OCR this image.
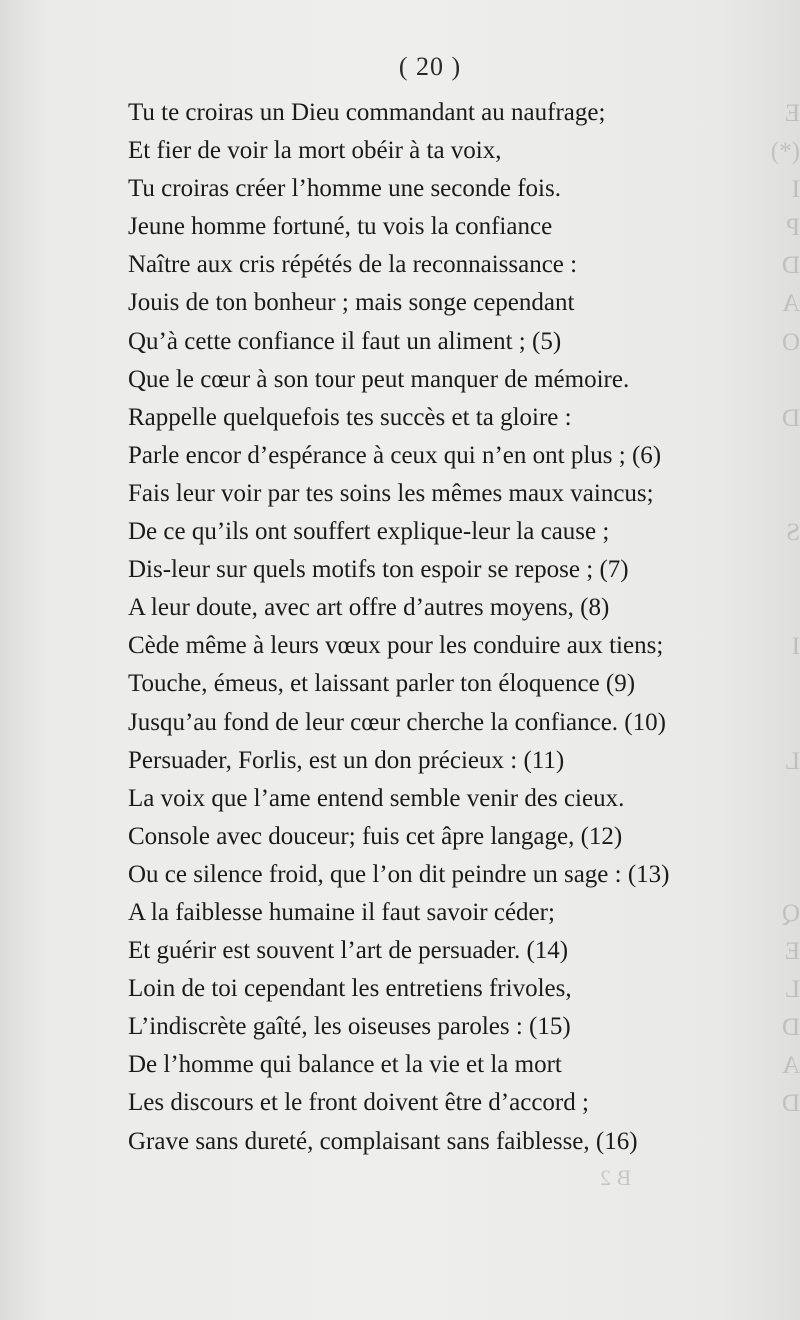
( 20 )
Tu te croiras un Dieu commandant au naufrage;
Et fier de voir la mort obéir à ta voix,
Tu croiras créer l’homme une seconde fois.
Jeune homme fortuné, tu vois la confiance
Naître aux cris répétés de la reconnaissance :
Jouis de ton bonheur ; mais songe cependant
Qu’à cette confiance il faut un aliment ; (5)
Que le cœur à son tour peut manquer de mémoire.
Rappelle quelquefois tes succès et ta gloire :
Parle encor d’espérance à ceux qui n’en ont plus ; (6)
Fais leur voir par tes soins les mêmes maux vaincus;
De ce qu’ils ont souffert explique-leur la cause ;
Dis-leur sur quels motifs ton espoir se repose ; (7)
A leur doute, avec art offre d’autres moyens, (8)
Cède même à leurs vœux pour les conduire aux tiens;
Touche, émeus, et laissant parler ton éloquence (9)
Jusqu’au fond de leur cœur cherche la confiance. (10)
Persuader, Forlis, est un don précieux : (11)
La voix que l’ame entend semble venir des cieux.
Console avec douceur; fuis cet âpre langage, (12)
Ou ce silence froid, que l’on dit peindre un sage : (13)
A la faiblesse humaine il faut savoir céder;
Et guérir est souvent l’art de persuader. (14)
Loin de toi cependant les entretiens frivoles,
L’indiscrète gaîté, les oiseuses paroles : (15)
De l’homme qui balance et la vie et la mort
Les discours et le front doivent être d’accord ;
Grave sans dureté, complaisant sans faiblesse, (16)
E
(*)
I
P
D
A
O
D
S
I
L
Q
E
L
D
A
D
B 2
